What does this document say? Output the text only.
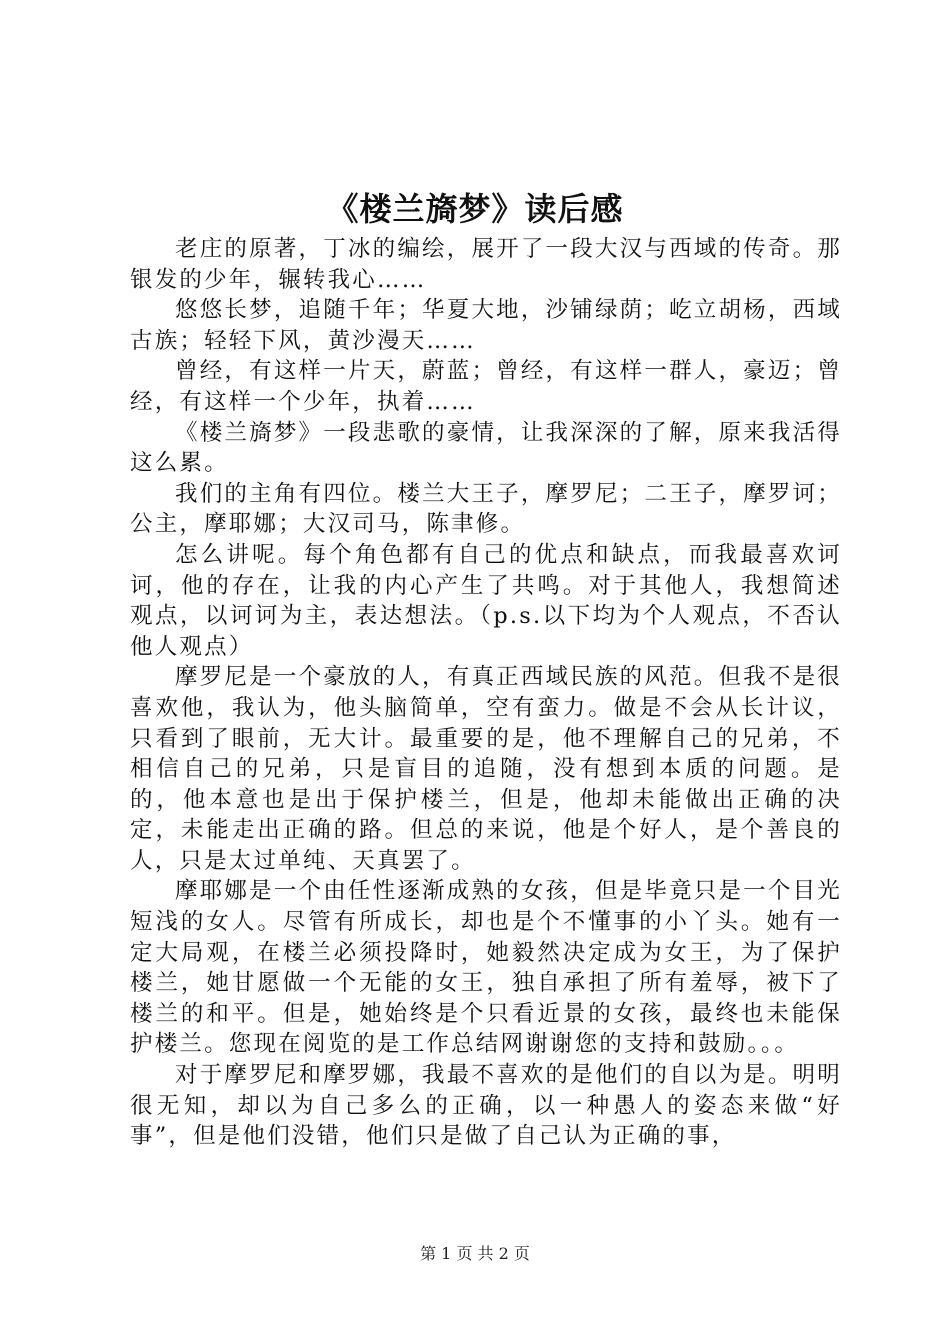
《楼兰旖梦》读后感

老庄的原著，丁冰的编绘，展开了一段大汉与西域的传奇。那银发的少年，辗转我心……

悠悠长梦，追随千年；华夏大地，沙铺绿荫；屹立胡杨，西域古族；轻轻下风，黄沙漫天……

曾经，有这样一片天，蔚蓝；曾经，有这样一群人，豪迈；曾经，有这样一个少年，执着……

《楼兰旖梦》一段悲歌的豪情，让我深深的了解，原来我活得这么累。

我们的主角有四位。楼兰大王子，摩罗尼；二王子，摩罗诃；公主，摩耶娜；大汉司马，陈聿修。

怎么讲呢。每个角色都有自己的优点和缺点，而我最喜欢诃诃，他的存在，让我的内心产生了共鸣。对于其他人，我想简述观点，以诃诃为主，表达想法。（p.s.以下均为个人观点，不否认他人观点）

摩罗尼是一个豪放的人，有真正西域民族的风范。但我不是很喜欢他，我认为，他头脑简单，空有蛮力。做是不会从长计议，只看到了眼前，无大计。最重要的是，他不理解自己的兄弟，不相信自己的兄弟，只是盲目的追随，没有想到本质的问题。是的，他本意也是出于保护楼兰，但是，他却未能做出正确的决定，未能走出正确的路。但总的来说，他是个好人，是个善良的人，只是太过单纯、天真罢了。

摩耶娜是一个由任性逐渐成熟的女孩，但是毕竟只是一个目光短浅的女人。尽管有所成长，却也是个不懂事的小丫头。她有一定大局观，在楼兰必须投降时，她毅然决定成为女王，为了保护楼兰，她甘愿做一个无能的女王，独自承担了所有羞辱，被下了楼兰的和平。但是，她始终是个只看近景的女孩，最终也未能保护楼兰。您现在阅览的是工作总结网谢谢您的支持和鼓励。。。

对于摩罗尼和摩罗娜，我最不喜欢的是他们的自以为是。明明很无知，却以为自己多么的正确，以一种愚人的姿态来做“好事”，但是他们没错，他们只是做了自己认为正确的事，

第 1 页 共 2 页
